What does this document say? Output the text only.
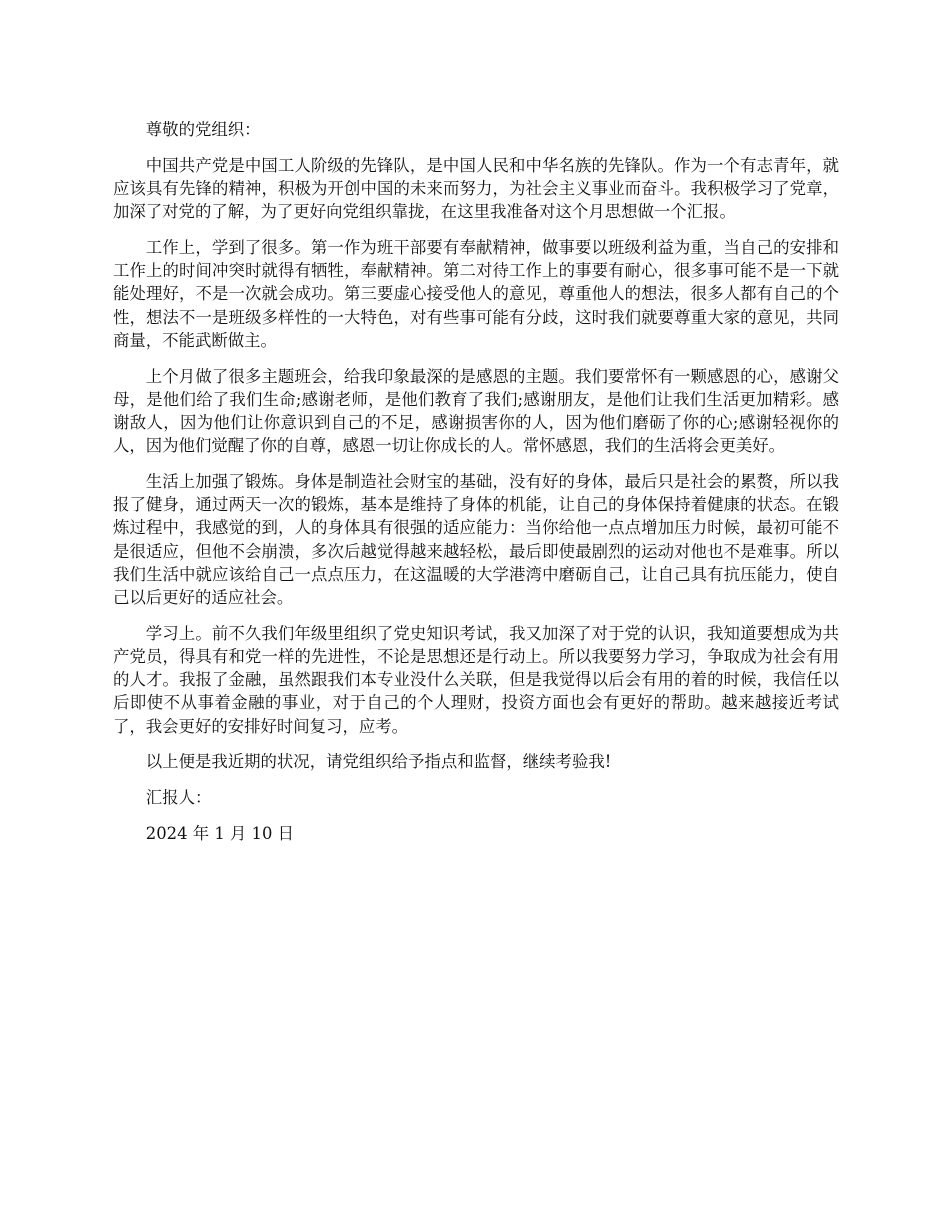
尊敬的党组织：

中国共产党是中国工人阶级的先锋队，是中国人民和中华名族的先锋队。作为一个有志青年，就应该具有先锋的精神，积极为开创中国的未来而努力，为社会主义事业而奋斗。我积极学习了党章，加深了对党的了解，为了更好向党组织靠拢，在这里我准备对这个月思想做一个汇报。

工作上，学到了很多。第一作为班干部要有奉献精神，做事要以班级利益为重，当自己的安排和工作上的时间冲突时就得有牺牲，奉献精神。第二对待工作上的事要有耐心，很多事可能不是一下就能处理好，不是一次就会成功。第三要虚心接受他人的意见，尊重他人的想法，很多人都有自己的个性，想法不一是班级多样性的一大特色，对有些事可能有分歧，这时我们就要尊重大家的意见，共同商量，不能武断做主。

上个月做了很多主题班会，给我印象最深的是感恩的主题。我们要常怀有一颗感恩的心，感谢父母，是他们给了我们生命;感谢老师，是他们教育了我们;感谢朋友，是他们让我们生活更加精彩。感谢敌人，因为他们让你意识到自己的不足，感谢损害你的人，因为他们磨砺了你的心;感谢轻视你的人，因为他们觉醒了你的自尊，感恩一切让你成长的人。常怀感恩，我们的生活将会更美好。

生活上加强了锻炼。身体是制造社会财宝的基础，没有好的身体，最后只是社会的累赘，所以我报了健身，通过两天一次的锻炼，基本是维持了身体的机能，让自己的身体保持着健康的状态。在锻炼过程中，我感觉的到，人的身体具有很强的适应能力：当你给他一点点增加压力时候，最初可能不是很适应，但他不会崩溃，多次后越觉得越来越轻松，最后即使最剧烈的运动对他也不是难事。所以我们生活中就应该给自己一点点压力，在这温暖的大学港湾中磨砺自己，让自己具有抗压能力，使自己以后更好的适应社会。

学习上。前不久我们年级里组织了党史知识考试，我又加深了对于党的认识，我知道要想成为共产党员，得具有和党一样的先进性，不论是思想还是行动上。所以我要努力学习，争取成为社会有用的人才。我报了金融，虽然跟我们本专业没什么关联，但是我觉得以后会有用的着的时候，我信任以后即使不从事着金融的事业，对于自己的个人理财，投资方面也会有更好的帮助。越来越接近考试了，我会更好的安排好时间复习，应考。

以上便是我近期的状况，请党组织给予指点和监督，继续考验我!

汇报人：

2024 年 1 月 10 日
